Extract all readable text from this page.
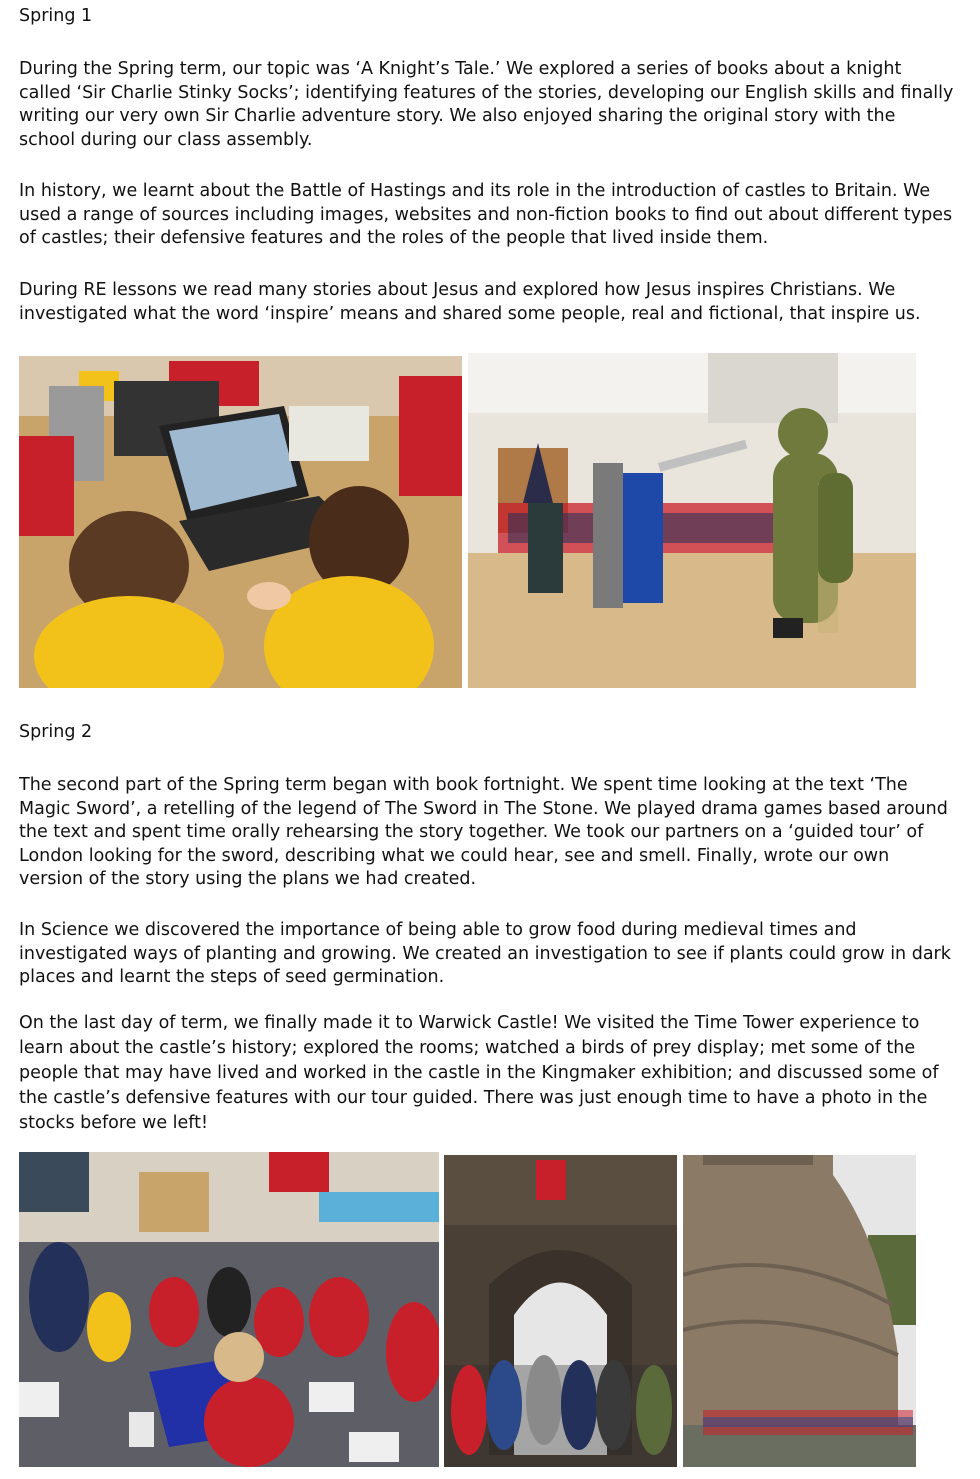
Spring 1

During the Spring term, our topic was ‘A Knight’s Tale.’ We explored a series of books about a knight called ‘Sir Charlie Stinky Socks’; identifying features of the stories, developing our English skills and finally writing our very own Sir Charlie adventure story. We also enjoyed sharing the original story with the school during our class assembly.

In history, we learnt about the Battle of Hastings and its role in the introduction of castles to Britain. We used a range of sources including images, websites and non-fiction books to find out about different types of castles; their defensive features and the roles of the people that lived inside them.

During RE lessons we read many stories about Jesus and explored how Jesus inspires Christians. We investigated what the word ‘inspire’ means and shared some people, real and fictional, that inspire us.

Spring 2

The second part of the Spring term began with book fortnight. We spent time looking at the text ‘The Magic Sword’, a retelling of the legend of The Sword in The Stone. We played drama games based around the text and spent time orally rehearsing the story together. We took our partners on a ‘guided tour’ of London looking for the sword, describing what we could hear, see and smell. Finally, wrote our own version of the story using the plans we had created.

In Science we discovered the importance of being able to grow food during medieval times and investigated ways of planting and growing. We created an investigation to see if plants could grow in dark places and learnt the steps of seed germination.

On the last day of term, we finally made it to Warwick Castle! We visited the Time Tower experience to learn about the castle’s history; explored the rooms; watched a birds of prey display; met some of the people that may have lived and worked in the castle in the Kingmaker exhibition; and discussed some of the castle’s defensive features with our tour guided. There was just enough time to have a photo in the stocks before we left!
